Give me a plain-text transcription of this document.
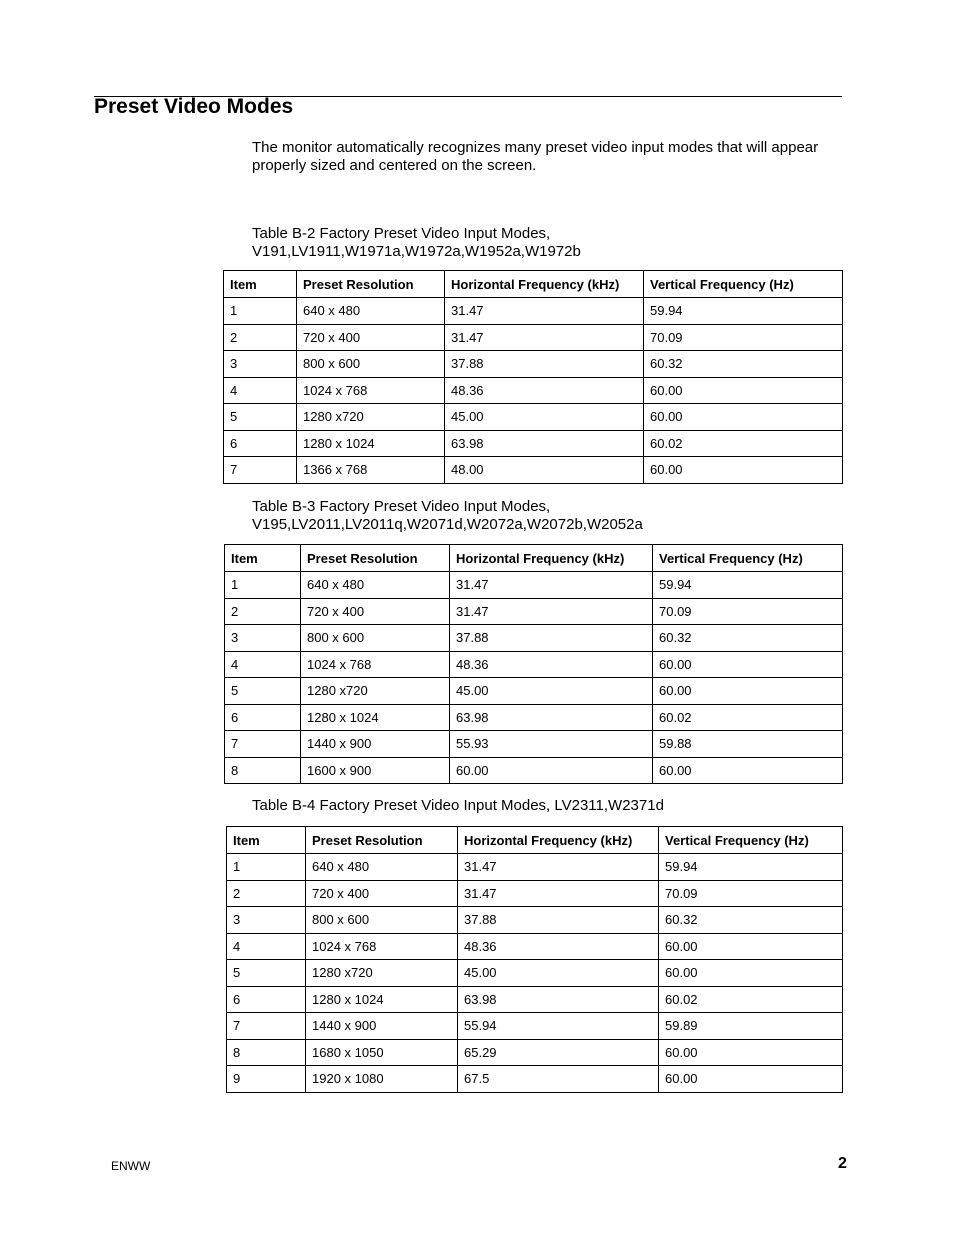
Preset Video Modes

The monitor automatically recognizes many preset video input modes that will appear properly sized and centered on the screen.

Table B-2 Factory Preset Video Input Modes,
V191,LV1911,W1971a,W1972a,W1952a,W1972b

Item	Preset Resolution	Horizontal Frequency (kHz)	Vertical Frequency (Hz)
1	640 x 480	31.47	59.94
2	720 x 400	31.47	70.09
3	800 x 600	37.88	60.32
4	1024 x 768	48.36	60.00
5	1280 x720	45.00	60.00
6	1280 x 1024	63.98	60.02
7	1366 x 768	48.00	60.00

Table B-3 Factory Preset Video Input Modes,
V195,LV2011,LV2011q,W2071d,W2072a,W2072b,W2052a

Item	Preset Resolution	Horizontal Frequency (kHz)	Vertical Frequency (Hz)
1	640 x 480	31.47	59.94
2	720 x 400	31.47	70.09
3	800 x 600	37.88	60.32
4	1024 x 768	48.36	60.00
5	1280 x720	45.00	60.00
6	1280 x 1024	63.98	60.02
7	1440 x 900	55.93	59.88
8	1600 x 900	60.00	60.00

Table B-4 Factory Preset Video Input Modes, LV2311,W2371d

Item	Preset Resolution	Horizontal Frequency (kHz)	Vertical Frequency (Hz)
1	640 x 480	31.47	59.94
2	720 x 400	31.47	70.09
3	800 x 600	37.88	60.32
4	1024 x 768	48.36	60.00
5	1280 x720	45.00	60.00
6	1280 x 1024	63.98	60.02
7	1440 x 900	55.94	59.89
8	1680 x 1050	65.29	60.00
9	1920 x 1080	67.5	60.00
ENWW	2
